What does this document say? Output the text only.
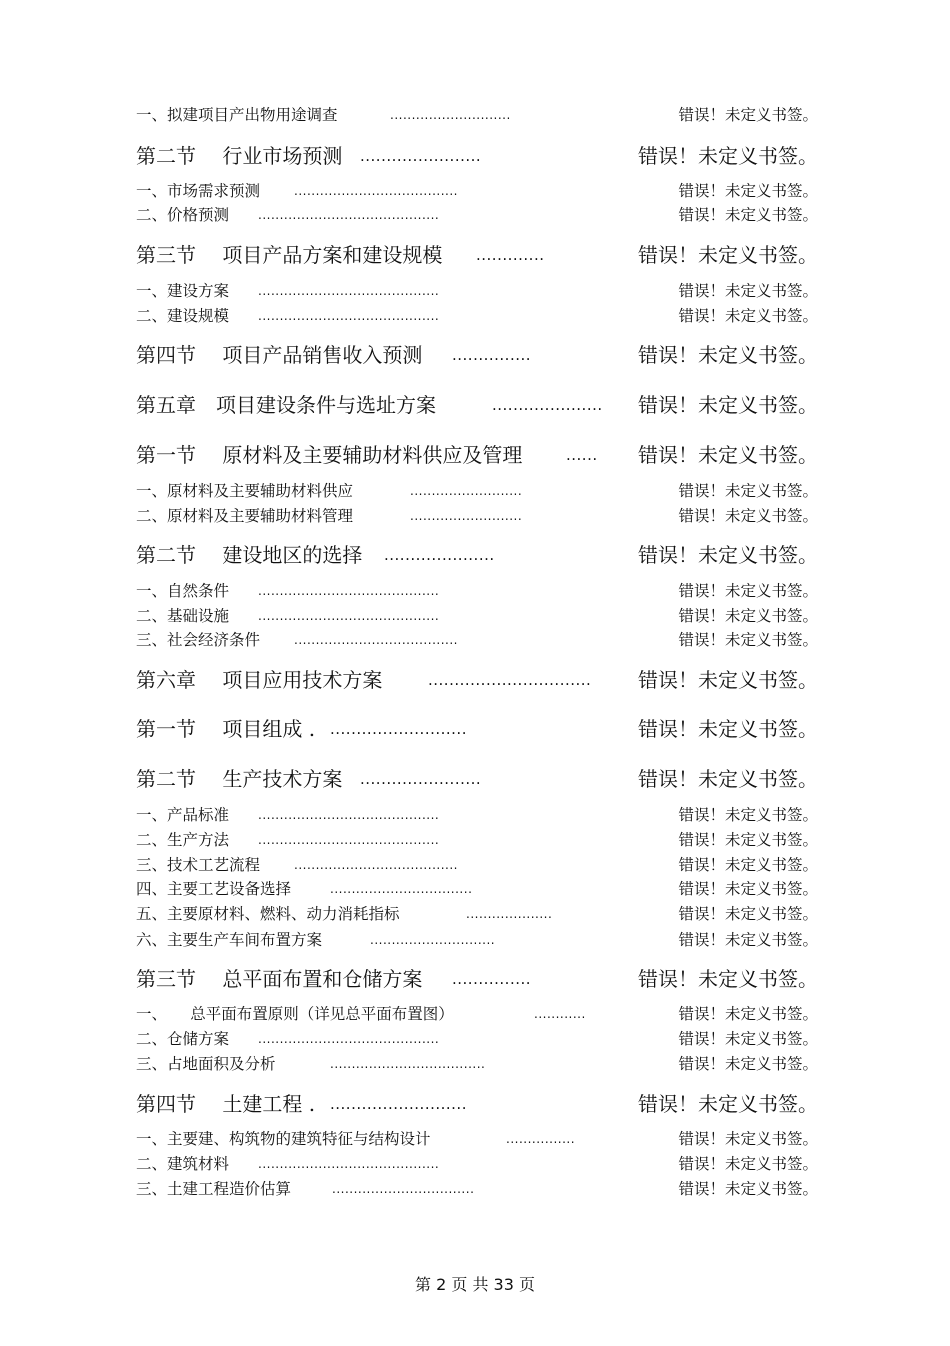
一、拟建项目产出物用途调查	............................	错误！未定义书签。
第二节　 行业市场预测 .......................	错误！未定义书签。
一、市场需求预测	......................................	错误！未定义书签。
二、价格预测 ..........................................	错误！未定义书签。
第三节　 项目产品方案和建设规模 .............	错误！未定义书签。
一、建设方案 ..........................................	错误！未定义书签。
二、建设规模 ..........................................	错误！未定义书签。
第四节　 项目产品销售收入预测 ...............	错误！未定义书签。
第五章　项目建设条件与选址方案	..................... 错误！未定义书签。
第一节　 原材料及主要辅助材料供应及管理	...... 错误！未定义书签。
一、原材料及主要辅助材料供应	..........................	错误！未定义书签。
二、原材料及主要辅助材料管理	..........................	错误！未定义书签。
第二节　 建设地区的选择 .....................	错误！未定义书签。
一、自然条件 ..........................................	错误！未定义书签。
二、基础设施 ..........................................	错误！未定义书签。
三、社会经济条件	......................................	错误！未定义书签。
第六章　 项目应用技术方案	............................... 错误！未定义书签。
第一节　 项目组成 . ..........................	错误！未定义书签。
第二节　 生产技术方案 .......................	错误！未定义书签。
一、产品标准 ..........................................	错误！未定义书签。
二、生产方法 ..........................................	错误！未定义书签。
三、技术工艺流程	......................................	错误！未定义书签。
四、主要工艺设备选择	.................................	错误！未定义书签。
五、主要原材料、燃料、动力消耗指标	....................	错误！未定义书签。
六、主要生产车间布置方案	.............................	错误！未定义书签。
第三节　 总平面布置和仓储方案 ...............	错误！未定义书签。
一、　　总平面布置原则（详见总平面布置图）	............	错误！未定义书签。
二、仓储方案 ..........................................	错误！未定义书签。
三、占地面积及分析	....................................	错误！未定义书签。
第四节　 土建工程 . ..........................	错误！未定义书签。
一、主要建、构筑物的建筑特征与结构设计	................	错误！未定义书签。
二、建筑材料 ..........................................	错误！未定义书签。
三、土建工程造价估算	.................................	错误！未定义书签。
第 2 页 共 33 页
